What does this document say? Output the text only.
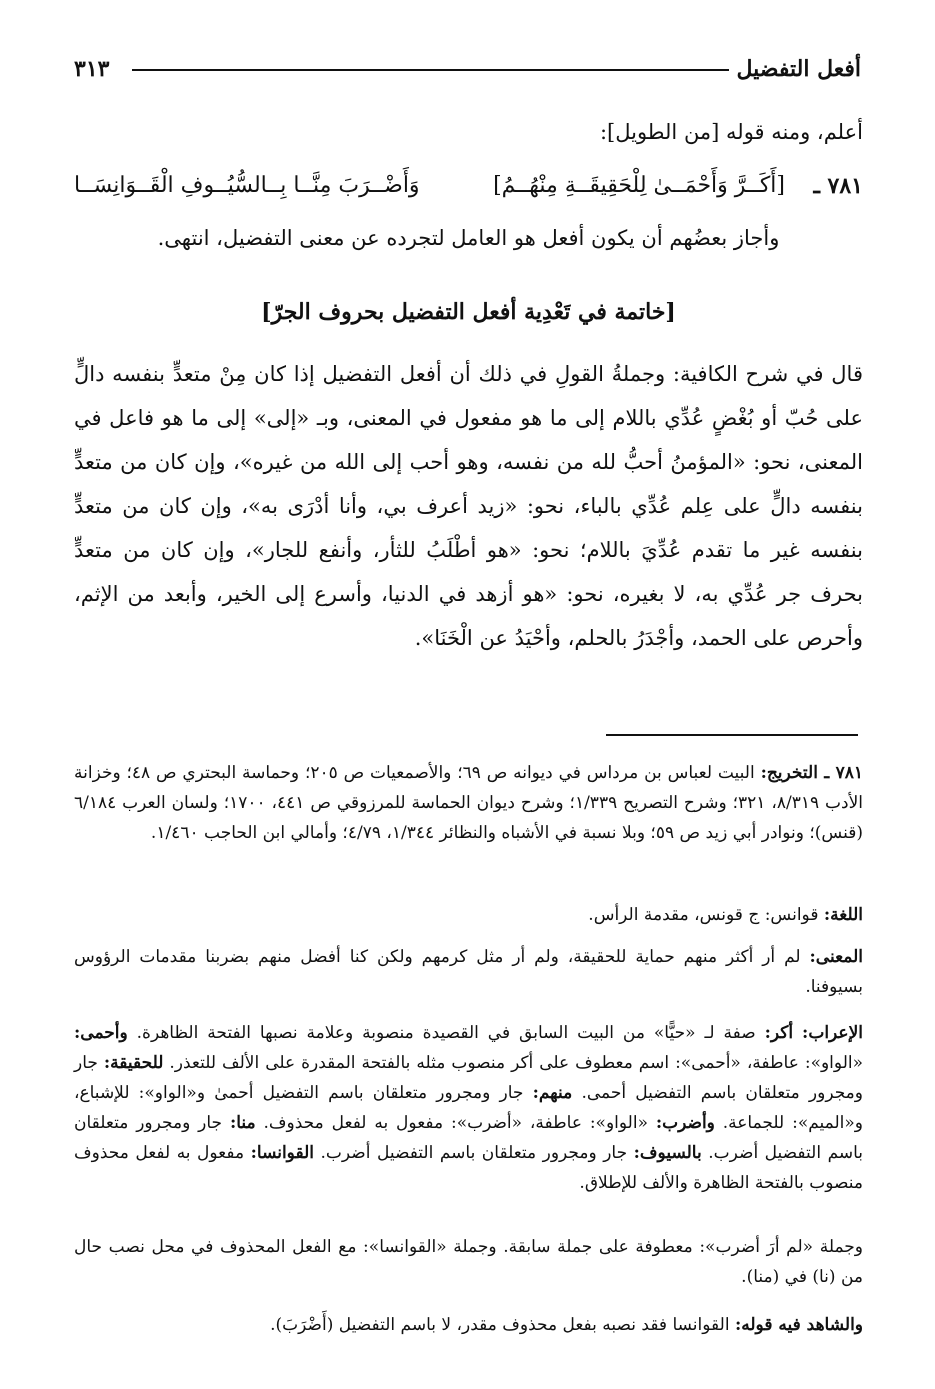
أفعل التفضيل
٣١٣

أعلم، ومنه قوله [من الطويل]:

٧٨١ ـ
[أَكَــرَّ وَأَحْمَــىٰ لِلْحَقِيقَــةِ مِنْهُــمُ]
وَأَضْــرَبَ مِنَّــا بِــالسُّيُــوفِ الْقَــوَانِسَــا

وأجاز بعضُهم أن يكون أفعل هو العامل لتجرده عن معنى التفضيل، انتهى.

[خاتمة في تَعْدِية أفعل التفضيل بحروف الجرّ]

قال في شرح الكافية: وجملةُ القولِ في ذلك أن أفعل التفضيل إذا كان مِنْ متعدٍّ بنفسه دالٍّ على حُبّ أو بُغْضٍ عُدِّي باللام إلى ما هو مفعول في المعنى، وبـ «إلى» إلى ما هو فاعل في المعنى، نحو: «المؤمنُ أحبُّ لله من نفسه، وهو أحب إلى الله من غيره»، وإن كان من متعدٍّ بنفسه دالٍّ على عِلم عُدِّي بالباء، نحو: «زيد أعرف بي، وأنا أدْرَى به»، وإن كان من متعدٍّ بنفسه غير ما تقدم عُدِّيَ باللام؛ نحو: «هو أطْلَبُ للثأر، وأنفع للجار»، وإن كان من متعدٍّ بحرف جر عُدِّي به، لا بغيره، نحو: «هو أزهد في الدنيا، وأسرع إلى الخير، وأبعد من الإثم، وأحرص على الحمد، وأجْدَرُ بالحلم، وأحْيَدُ عن الْخَنَا».

٧٨١ ـ التخريج: البيت لعباس بن مرداس في ديوانه ص ٦٩؛ والأصمعيات ص ٢٠٥؛ وحماسة البحتري ص ٤٨؛ وخزانة الأدب ٨/٣١٩، ٣٢١؛ وشرح التصريح ١/٣٣٩؛ وشرح ديوان الحماسة للمرزوقي ص ٤٤١، ١٧٠٠؛ ولسان العرب ٦/١٨٤ (قنس)؛ ونوادر أبي زيد ص ٥٩؛ وبلا نسبة في الأشباه والنظائر ١/٣٤٤، ٤/٧٩؛ وأمالي ابن الحاجب ١/٤٦٠.

اللغة: قوانس: ج قونس، مقدمة الرأس.

المعنى: لم أر أكثر منهم حماية للحقيقة، ولم أر مثل كرمهم ولكن كنا أفضل منهم بضربنا مقدمات الرؤوس بسيوفنا.

الإعراب: أكر: صفة لـ «حيًّا» من البيت السابق في القصيدة منصوبة وعلامة نصبها الفتحة الظاهرة. وأحمى: «الواو»: عاطفة، «أحمى»: اسم معطوف على أكر منصوب مثله بالفتحة المقدرة على الألف للتعذر. للحقيقة: جار ومجرور متعلقان باسم التفضيل أحمى. منهم: جار ومجرور متعلقان باسم التفضيل أحمىٰ و«الواو»: للإشباع، و«الميم»: للجماعة. وأضرب: «الواو»: عاطفة، «أضرب»: مفعول به لفعل محذوف. منا: جار ومجرور متعلقان باسم التفضيل أضرب. بالسيوف: جار ومجرور متعلقان باسم التفضيل أضرب. القوانسا: مفعول به لفعل محذوف منصوب بالفتحة الظاهرة والألف للإطلاق.

وجملة «لم أرَ أضرب»: معطوفة على جملة سابقة. وجملة «القوانسا»: مع الفعل المحذوف في محل نصب حال من (نا) في (منا).

والشاهد فيه قوله: القوانسا فقد نصبه بفعل محذوف مقدر، لا باسم التفضيل (أَضْرَبَ).
